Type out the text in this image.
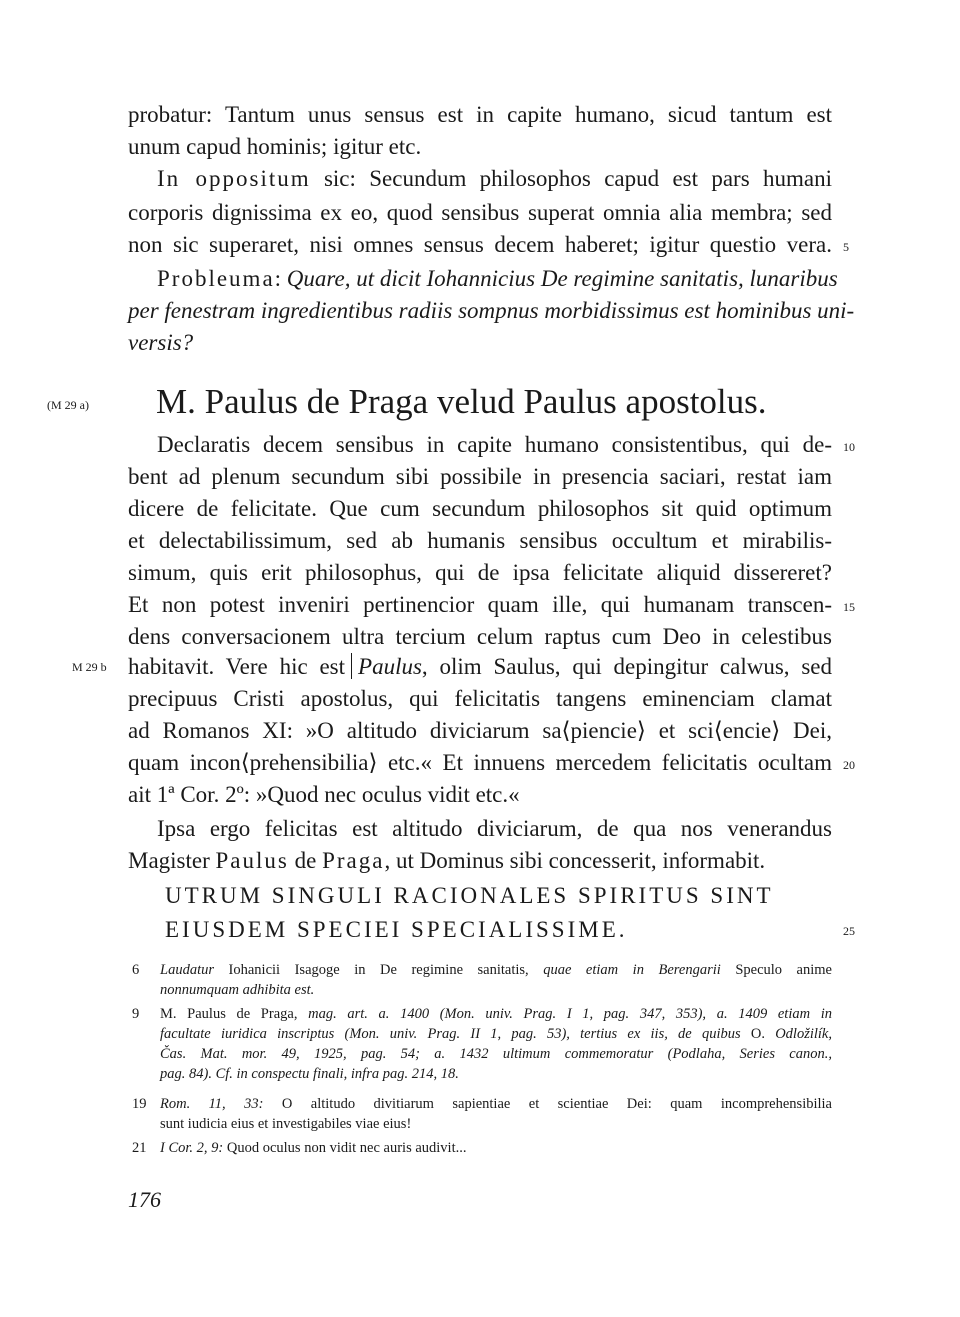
probatur: Tantum unus sensus est in capite humano, sicud tantum est

unum capud hominis; igitur etc.

In oppositum sic: Secundum philosophos capud est pars humani

corporis dignissima ex eo, quod sensibus superat omnia alia membra; sed

non sic superaret, nisi omnes sensus decem haberet; igitur questio vera.

Probleuma: Quare, ut dicit Iohannicius De regimine sanitatis, lunaribus

per fenestram ingredientibus radiis sompnus morbidissimus est hominibus uni-

versis?

5
(M 29 a) M. Paulus de Praga velud Paulus apostolus.

Declaratis decem sensibus in capite humano consistentibus, qui de-

bent ad plenum secundum sibi possibile in presencia saciari, restat iam

dicere de felicitate. Que cum secundum philosophos sit quid optimum

et delectabilissimum, sed ab humanis sensibus occultum et mirabilis-

simum, quis erit philosophus, qui de ipsa felicitate aliquid dissereret?

Et non potest inveniri pertinencior quam ille, qui humanam transcen-

dens conversacionem ultra tercium celum raptus cum Deo in celestibus

10
15
M 29 b habitavit. Vere hic est Paulus, olim Saulus, qui depingitur calwus, sed

precipuus Cristi apostolus, qui felicitatis tangens eminenciam clamat

ad Romanos XI: »O altitudo diviciarum sa⟨piencie⟩ et sci⟨encie⟩ Dei,

quam incon⟨prehensibilia⟩ etc.« Et innuens mercedem felicitatis ocultam

ait 1ª Cor. 2º: »Quod nec oculus vidit etc.«

20

Ipsa ergo felicitas est altitudo diviciarum, de qua nos venerandus

Magister Paulus de Praga, ut Dominus sibi concesserit, informabit.

UTRUM SINGULI RACIONALES SPIRITUS SINT

EIUSDEM SPECIEI SPECIALISSIME.	25

6	Laudatur Iohanicii Isagoge in De regimine sanitatis, quae etiam in Berengarii Speculo anime

nonnumquam adhibita est.

9	M. Paulus de Praga, mag. art. a. 1400 (Mon. univ. Prag. I 1, pag. 347, 353), a. 1409 etiam in

facultate iuridica inscriptus (Mon. univ. Prag. II 1, pag. 53), tertius ex iis, de quibus O. Odložilík,

Čas. Mat. mor. 49, 1925, pag. 54; a. 1432 ultimum commemoratur (Podlaha, Series canon.,

pag. 84). Cf. in conspectu finali, infra pag. 214, 18.

19 Rom. 11, 33: O altitudo divitiarum sapientiae et scientiae Dei: quam incomprehensibilia

sunt iudicia eius et investigabiles viae eius!

21 I Cor. 2, 9: Quod oculus non vidit nec auris audivit...

176
